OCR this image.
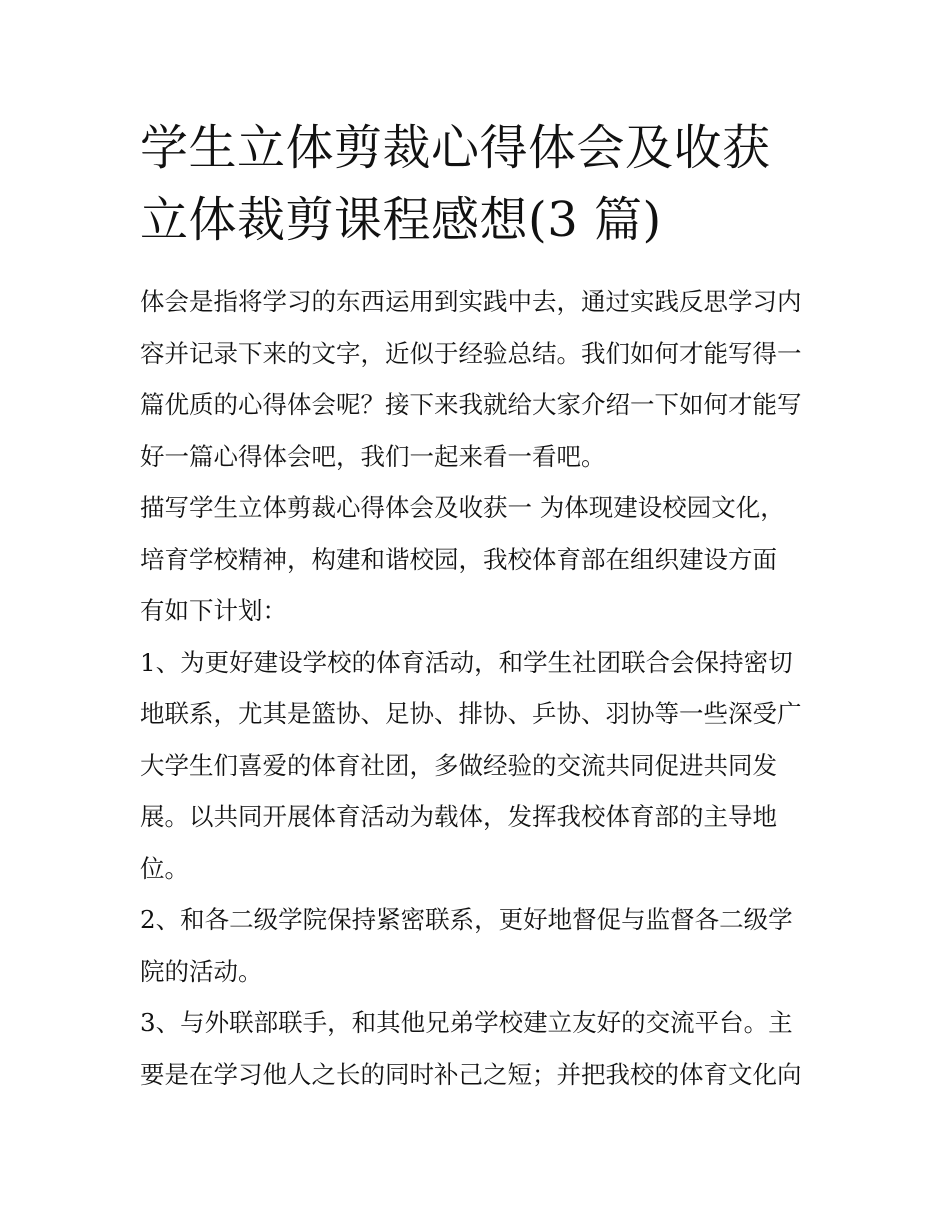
学生立体剪裁心得体会及收获
立体裁剪课程感想(3 篇)

体会是指将学习的东西运用到实践中去，通过实践反思学习内
容并记录下来的文字，近似于经验总结。我们如何才能写得一
篇优质的心得体会呢？接下来我就给大家介绍一下如何才能写
好一篇心得体会吧，我们一起来看一看吧。

描写学生立体剪裁心得体会及收获一 为体现建设校园文化，
培育学校精神，构建和谐校园，我校体育部在组织建设方面
有如下计划：

1、为更好建设学校的体育活动，和学生社团联合会保持密切
地联系，尤其是篮协、足协、排协、乒协、羽协等一些深受广
大学生们喜爱的体育社团，多做经验的交流共同促进共同发
展。以共同开展体育活动为载体，发挥我校体育部的主导地
位。

2、和各二级学院保持紧密联系，更好地督促与监督各二级学
院的活动。

3、与外联部联手，和其他兄弟学校建立友好的交流平台。主
要是在学习他人之长的同时补己之短；并把我校的体育文化向
